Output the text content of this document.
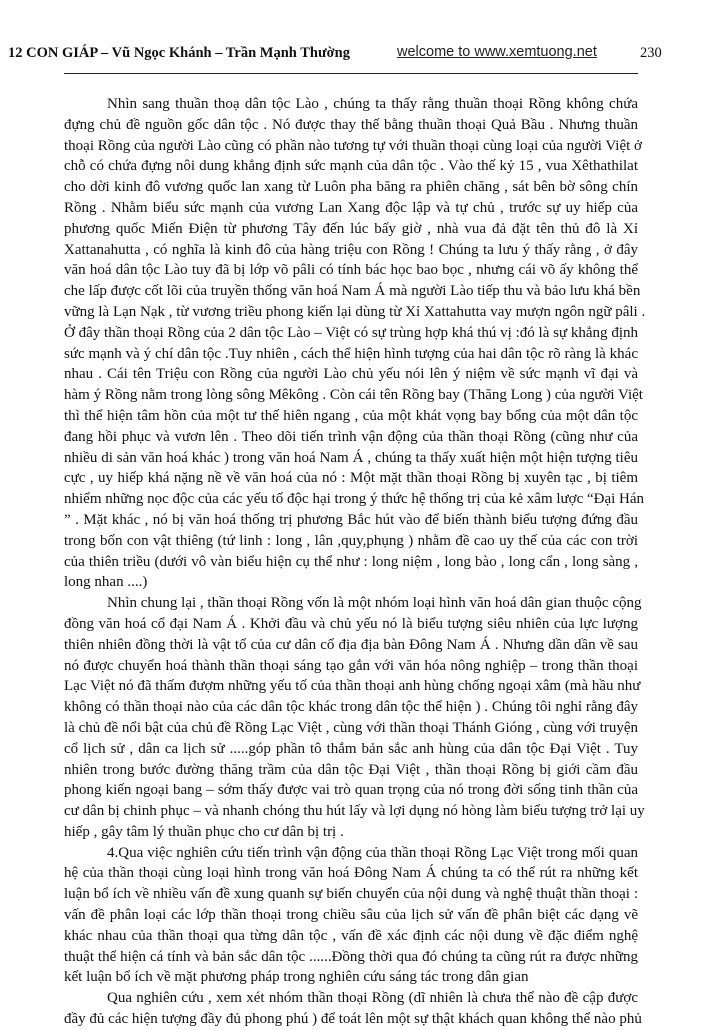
12 CON GIÁP – Vũ Ngọc Khánh – Trần Mạnh Thường	welcome to www.xemtuong.net	230
Nhìn sang thuần thoạ dân tộc Lào , chúng ta thấy rằng thuần thoại Rồng không chứa
đựng chủ đề nguồn gốc dân tộc . Nó được thay thế bằng thuần thoại Quả Bầu . Nhưng thuần
thoại Rồng của người Lào cũng có phần nào tương tự với thuần thoại cùng loại của người Việt ở
chỗ có chứa đựng nôi dung khẳng định sức mạnh của dân tộc . Vào thế kỷ 15 , vua Xêthathilat
cho dời kinh đô vương quốc lan xang từ Luôn pha băng ra phiên chăng , sát bên bờ sông chín
Rồng . Nhằm biểu sức mạnh của vương Lan Xang độc lập và tự chủ , trước sự uy hiếp của
phương quốc Miến Điện từ phương Tây đến lúc bấy giờ , nhà vua đả đặt tên thủ đô là Xỉ
Xattanahutta , có nghĩa là kinh đô của hàng triệu con Rồng ! Chúng ta lưu ý thấy rằng , ở đây
văn hoá dân tộc Lào tuy đã bị lớp võ pâli có tính bác học bao bọc , nhưng cái võ ấy không thể
che lấp được cốt lõi của truyền thống văn hoá Nam Á mà người Lào tiếp thu và bảo lưu khá bền
vững là Lạn Nạk , từ vương triều phong kiến lại dùng từ Xỉ Xattahutta vay mượn ngôn ngữ pâli .
Ở đây thần thoại Rồng của 2 dân tộc Lào – Việt có sự trùng hợp khá thú vị :đó là sự khẳng định
sức mạnh và ý chí dân tộc .Tuy nhiên , cách thể hiện hình tượng của hai dân tộc rõ ràng là khác
nhau . Cái tên Triệu con Rồng của người Lào chủ yếu nói lên ý niệm về sức mạnh vĩ đại và
hàm ý Rồng nằm trong lòng sông Mêkông . Còn cái tên Rồng bay (Thăng Long ) của người Việt
thì thể hiện tâm hồn của một tư thế hiên ngang , của một khát vọng bay bổng của một dân tộc
đang hồi phục và vươn lên . Theo dõi tiến trình vận động của thần thoại Rồng (cũng như của
nhiều di sản văn hoá khác ) trong văn hoá Nam Á , chúng ta thấy xuất hiện một hiện tượng tiêu
cực , uy hiếp khá nặng nề về văn hoá của nó : Một mặt thần thoại Rồng bị xuyên tạc , bị tiêm
nhiểm những nọc độc của các yếu tố độc hại trong ý thức hệ thống trị của kẻ xâm lược “Đại Hán
” . Mặt khác , nó bị văn hoá thống trị phương Bắc hút vào để biến thành biểu tượng đứng đầu
trong bốn con vật thiêng (tứ linh : long , lân ,quy,phụng ) nhằm đề cao uy thế của các con trời
của thiên triều (dưới vô vàn biểu hiện cụ thể như : long niệm , long bào , long cẩn , long sàng ,
long nhan ....)
Nhìn chung lại , thần thoại Rồng vốn là một nhóm loại hình văn hoá dân gian thuộc cộng
đồng văn hoá cổ đại Nam Á . Khởi đầu và chủ yếu nó là biểu tượng siêu nhiên của lực lượng
thiên nhiên đồng thời là vật tổ của cư dân cổ địa địa bàn Đông Nam Á . Nhưng dần dần về sau
nó được chuyển hoá thành thần thoại sáng tạo gắn với văn hóa nông nghiệp – trong thần thoại
Lạc Việt nó đã thấm đượm những yếu tố của thần thoại anh hùng chống ngoại xâm (mà hầu như
không có thần thoại nào của các dân tộc khác trong dân tộc thể hiện ) . Chúng tôi nghỉ rằng đây
là chủ đề nổi bật của chủ đề Rồng Lạc Việt , cùng với thần thoại Thánh Gióng , cùng với truyện
cổ lịch sử , dân ca lịch sử .....góp phần tô thắm bản sắc anh hùng của dân tộc Đại Việt . Tuy
nhiên trong bước đường thăng trầm của dân tộc Đại Việt , thần thoại Rồng bị giới cầm đầu
phong kiến ngoại bang – sớm thấy được vai trò quan trọng của nó trong đời sống tinh thần của
cư dân bị chinh phục – và nhanh chóng thu hút lấy và lợi dụng nó hòng làm biểu tượng trở lại uy
hiếp , gây tâm lý thuần phục cho cư dân bị trị .
4.Qua việc nghiên cứu tiến trình vận động của thần thoại Rồng Lạc Việt trong mối quan
hệ của thần thoại cùng loại hình trong văn hoá Đông Nam Á chúng ta có thể rút ra những kết
luận bổ ích về nhiều vấn đề xung quanh sự biến chuyển của nội dung và nghệ thuật thần thoại :
vấn đề phân loại các lớp thần thoại trong chiều sâu của lịch sử vấn đề phân biệt các dạng vẽ
khác nhau của thần thoại qua từng dân tộc , vấn đề xác định các nội dung về đặc điểm nghệ
thuật thể hiện cá tính và bản sắc dân tộc ......Đồng thời qua đó chúng ta cũng rút ra được những
kết luận bổ ích về mặt phương pháp trong nghiên cứu sáng tác trong dân gian
Qua nghiên cứu , xem xét nhóm thần thoại Rồng (dĩ nhiên là chưa thể nào đề cập được
đầy đủ các hiện tượng đầy đủ phong phú ) để toát lên một sự thật khách quan không thể nào phủ
